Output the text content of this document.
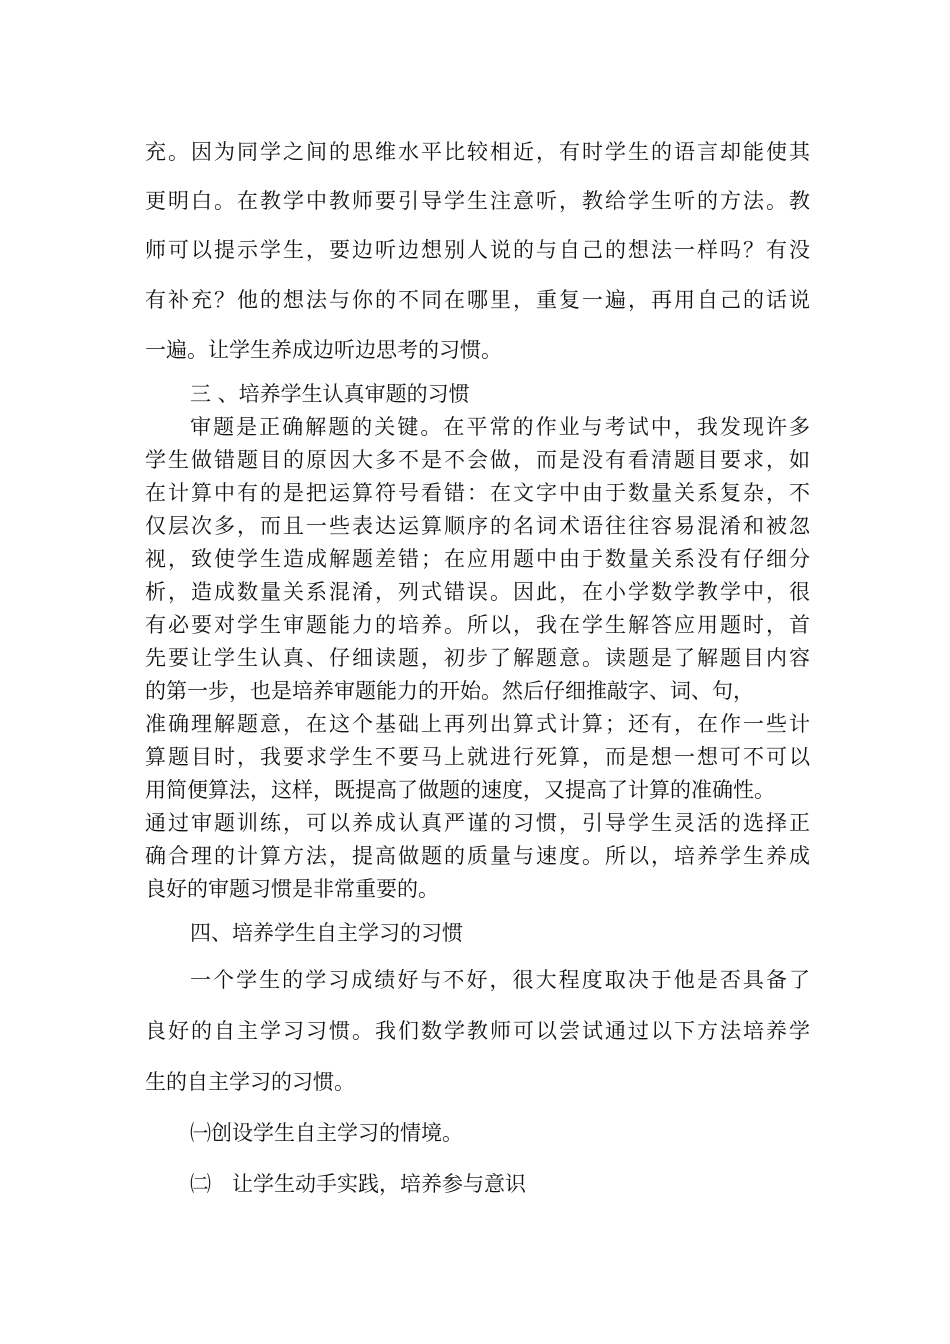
充。因为同学之间的思维水平比较相近，有时学生的语言却能使其
更明白。在教学中教师要引导学生注意听，教给学生听的方法。教
师可以提示学生，要边听边想别人说的与自己的想法一样吗？有没
有补充？他的想法与你的不同在哪里，重复一遍，再用自己的话说
一遍。让学生养成边听边思考的习惯。
三 、培养学生认真审题的习惯
审题是正确解题的关键。在平常的作业与考试中，我发现许多
学生做错题目的原因大多不是不会做，而是没有看清题目要求，如
在计算中有的是把运算符号看错：在文字中由于数量关系复杂，不
仅层次多，而且一些表达运算顺序的名词术语往往容易混淆和被忽
视，致使学生造成解题差错；在应用题中由于数量关系没有仔细分
析，造成数量关系混淆，列式错误。因此，在小学数学教学中，很
有必要对学生审题能力的培养。所以，我在学生解答应用题时，首
先要让学生认真、仔细读题，初步了解题意。读题是了解题目内容
的第一步，也是培养审题能力的开始。然后仔细推敲字、词、句，
准确理解题意，在这个基础上再列出算式计算；还有，在作一些计
算题目时，我要求学生不要马上就进行死算，而是想一想可不可以
用简便算法，这样，既提高了做题的速度，又提高了计算的准确性。
通过审题训练，可以养成认真严谨的习惯，引导学生灵活的选择正
确合理的计算方法，提高做题的质量与速度。所以，培养学生养成
良好的审题习惯是非常重要的。
四、培养学生自主学习的习惯
一个学生的学习成绩好与不好，很大程度取决于他是否具备了
良好的自主学习习惯。我们数学教师可以尝试通过以下方法培养学
生的自主学习的习惯。
㈠创设学生自主学习的情境。
㈡　让学生动手实践，培养参与意识
